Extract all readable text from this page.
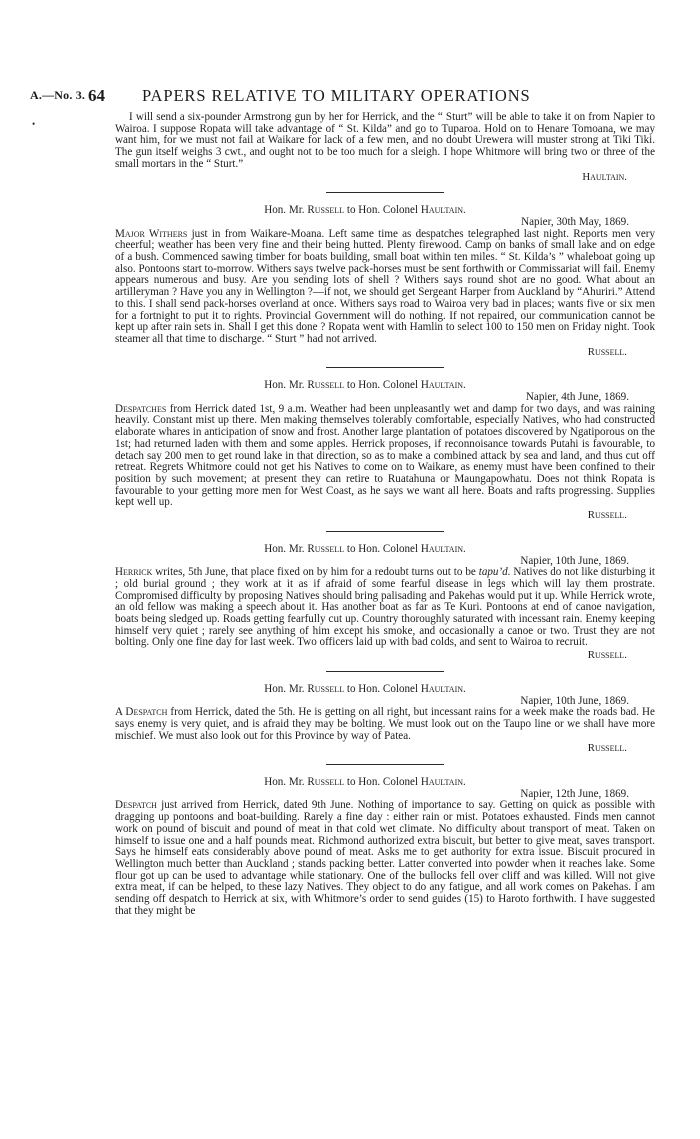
A.—No. 3. 64 PAPERS RELATIVE TO MILITARY OPERATIONS
•

I will send a six-pounder Armstrong gun by her for Herrick, and the “ Sturt” will be able to take it on from Napier to Wairoa. I suppose Ropata will take advantage of “ St. Kilda” and go to Tuparoa. Hold on to Henare Tomoana, we may want him, for we must not fail at Waikare for lack of a few men, and no doubt Urewera will muster strong at Tiki Tiki. The gun itself weighs 3 cwt., and ought not to be too much for a sleigh. I hope Whitmore will bring two or three of the small mortars in the “ Sturt.”

Haultain.
Hon. Mr. Russell to Hon. Colonel Haultain.
Napier, 30th May, 1869.

Major Withers just in from Waikare-Moana. Left same time as despatches telegraphed last night. Reports men very cheerful; weather has been very fine and their being hutted. Plenty firewood. Camp on banks of small lake and on edge of a bush. Commenced sawing timber for boats building, small boat within ten miles. “ St. Kilda’s ” whaleboat going up also. Pontoons start to-morrow. Withers says twelve pack-horses must be sent forthwith or Commissariat will fail. Enemy appears numerous and busy. Are you sending lots of shell ? Withers says round shot are no good. What about an artilleryman ? Have you any in Wellington ?—if not, we should get Sergeant Harper from Auckland by “Ahuriri.” Attend to this. I shall send pack-horses overland at once. Withers says road to Wairoa very bad in places; wants five or six men for a fortnight to put it to rights. Provincial Government will do nothing. If not repaired, our communication cannot be kept up after rain sets in. Shall I get this done ? Ropata went with Hamlin to select 100 to 150 men on Friday night. Took steamer all that time to discharge. “ Sturt ” had not arrived.

Russell.
Hon. Mr. Russell to Hon. Colonel Haultain.
Napier, 4th June, 1869.

Despatches from Herrick dated 1st, 9 a.m. Weather had been unpleasantly wet and damp for two days, and was raining heavily. Constant mist up there. Men making themselves tolerably comfortable, especially Natives, who had constructed elaborate whares in anticipation of snow and frost. Another large plantation of potatoes discovered by Ngatiporous on the 1st; had returned laden with them and some apples. Herrick proposes, if reconnoisance towards Putahi is favourable, to detach say 200 men to get round lake in that direction, so as to make a combined attack by sea and land, and thus cut off retreat. Regrets Whitmore could not get his Natives to come on to Waikare, as enemy must have been confined to their position by such movement; at present they can retire to Ruatahuna or Maungapowhatu. Does not think Ropata is favourable to your getting more men for West Coast, as he says we want all here. Boats and rafts progressing. Supplies kept well up.

Russell.
Hon. Mr. Russell to Hon. Colonel Haultain.
Napier, 10th June, 1869.

Herrick writes, 5th June, that place fixed on by him for a redoubt turns out to be tapu’d. Natives do not like disturbing it ; old burial ground ; they work at it as if afraid of some fearful disease in legs which will lay them prostrate. Compromised difficulty by proposing Natives should bring palisading and Pakehas would put it up. While Herrick wrote, an old fellow was making a speech about it. Has another boat as far as Te Kuri. Pontoons at end of canoe navigation, boats being sledged up. Roads getting fearfully cut up. Country thoroughly saturated with incessant rain. Enemy keeping himself very quiet ; rarely see anything of him except his smoke, and occasionally a canoe or two. Trust they are not bolting. Only one fine day for last week. Two officers laid up with bad colds, and sent to Wairoa to recruit.

Russell.
Hon. Mr. Russell to Hon. Colonel Haultain.
Napier, 10th June, 1869.

A Despatch from Herrick, dated the 5th. He is getting on all right, but incessant rains for a week make the roads bad. He says enemy is very quiet, and is afraid they may be bolting. We must look out on the Taupo line or we shall have more mischief. We must also look out for this Province by way of Patea.

Russell.
Hon. Mr. Russell to Hon. Colonel Haultain.
Napier, 12th June, 1869.

Despatch just arrived from Herrick, dated 9th June. Nothing of importance to say. Getting on quick as possible with dragging up pontoons and boat-building. Rarely a fine day : either rain or mist. Potatoes exhausted. Finds men cannot work on pound of biscuit and pound of meat in that cold wet climate. No difficulty about transport of meat. Taken on himself to issue one and a half pounds meat. Richmond authorized extra biscuit, but better to give meat, saves transport. Says he himself eats considerably above pound of meat. Asks me to get authority for extra issue. Biscuit procured in Wellington much better than Auckland ; stands packing better. Latter converted into powder when it reaches lake. Some flour got up can be used to advantage while stationary. One of the bullocks fell over cliff and was killed. Will not give extra meat, if can be helped, to these lazy Natives. They object to do any fatigue, and all work comes on Pakehas. I am sending off despatch to Herrick at six, with Whitmore’s order to send guides (15) to Haroto forthwith. I have suggested that they might be
